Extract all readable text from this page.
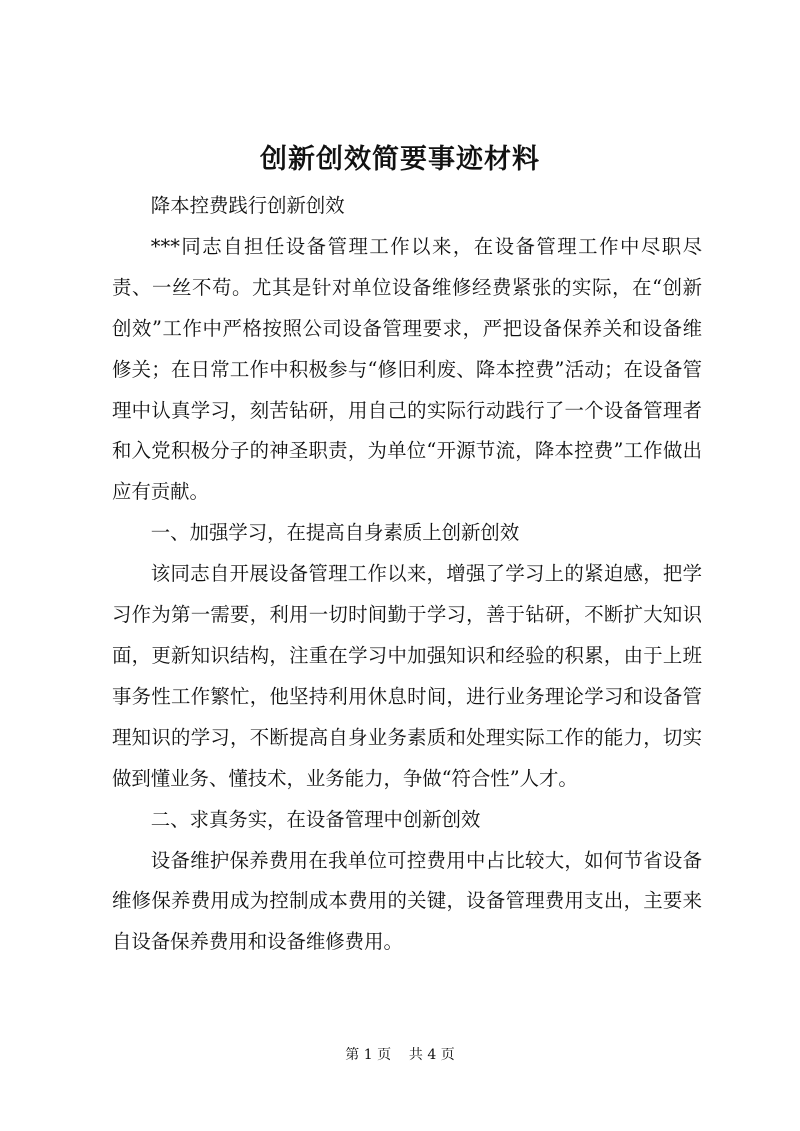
创新创效简要事迹材料

降本控费践行创新创效

***同志自担任设备管理工作以来，在设备管理工作中尽职尽责、一丝不苟。尤其是针对单位设备维修经费紧张的实际，在“创新创效”工作中严格按照公司设备管理要求，严把设备保养关和设备维修关；在日常工作中积极参与“修旧利废、降本控费”活动；在设备管理中认真学习，刻苦钻研，用自己的实际行动践行了一个设备管理者和入党积极分子的神圣职责，为单位“开源节流，降本控费”工作做出应有贡献。

一、加强学习，在提高自身素质上创新创效

该同志自开展设备管理工作以来，增强了学习上的紧迫感，把学习作为第一需要，利用一切时间勤于学习，善于钻研，不断扩大知识面，更新知识结构，注重在学习中加强知识和经验的积累，由于上班事务性工作繁忙，他坚持利用休息时间，进行业务理论学习和设备管理知识的学习，不断提高自身业务素质和处理实际工作的能力，切实做到懂业务、懂技术，业务能力，争做“符合性”人才。

二、求真务实，在设备管理中创新创效

设备维护保养费用在我单位可控费用中占比较大，如何节省设备维修保养费用成为控制成本费用的关键，设备管理费用支出，主要来自设备保养费用和设备维修费用。

第 1 页 共 4 页
